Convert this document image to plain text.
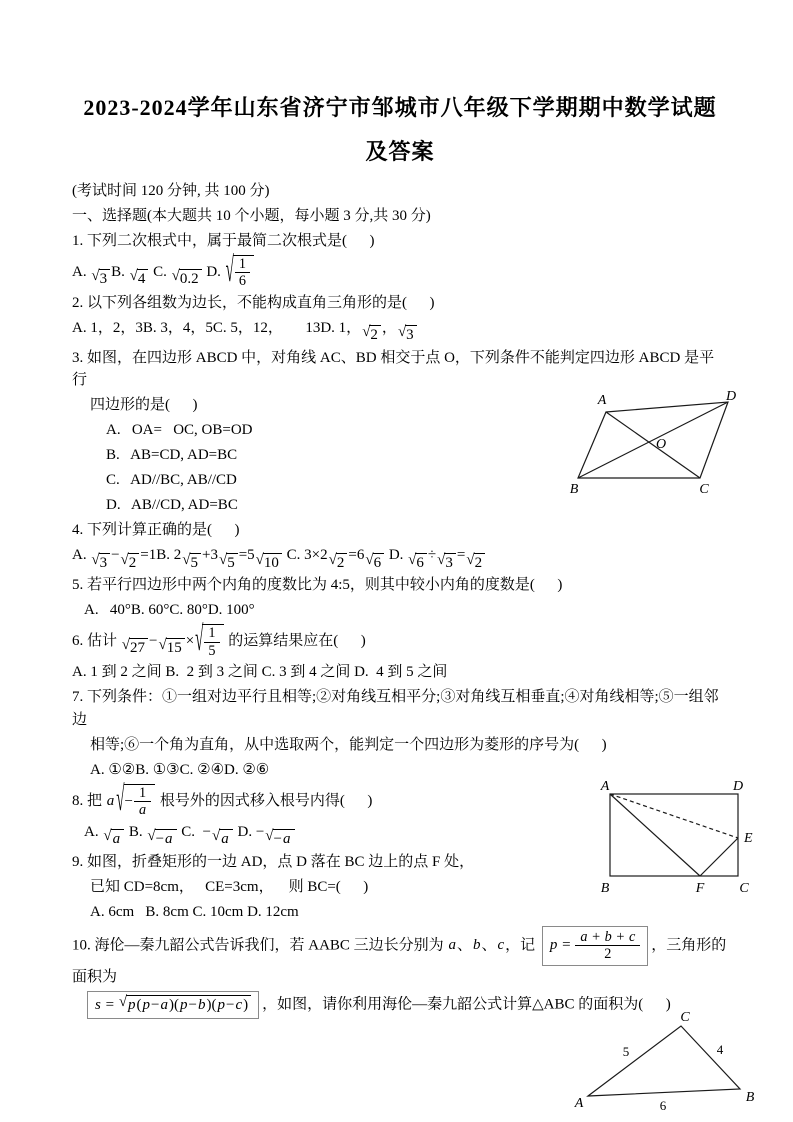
2023-2024学年山东省济宁市邹城市八年级下学期期中数学试题及答案

(考试时间 120 分钟, 共 100 分)

一、选择题(本大题共 10 个小题，每小题 3 分,共 30 分)

1. 下列二次根式中，属于最简二次根式是(      )

A. √ 3 B. √ 4 C. √ 0.2 D. √ $\frac{1}{6}$

2. 以下列各组数为边长，不能构成直角三角形的是(      )

A. 1，2，3B. 3，4，5C. 5，12，      13D. 1， √ 2 ， √ 3

3. 如图，在四边形 ABCD 中，对角线 AC、BD 相交于点 O，下列条件不能判定四边形 ABCD 是平行

四边形的是(      )

A.   OA=   OC, OB=OD

B.   AB=CD, AD=BC

C.   AD//BC, AB//CD

D.   AB//CD, AD=BC

4. 下列计算正确的是(      )

A. √ 3 − √ 2 =1B. 2 √ 5 +3 √ 5 =5 √ 10 C. 3×2 √ 2 =6 √ 6 D. √ 6 ÷ √ 3 = √ 2

5. 若平行四边形中两个内角的度数比为 4:5，则其中较小内角的度数是(      )

A.   40°B. 60°C. 80°D. 100°

6. 估计 √ 27 − √ 15 × √ $\frac{1}{5}$ 的运算结果应在(      )

A. 1 到 2 之间 B.  2 到 3 之间 C. 3 到 4 之间 D.  4 到 5 之间

7. 下列条件：①一组对边平行且相等;②对角线互相平分;③对角线互相垂直;④对角线相等;⑤一组邻边

相等;⑥一个角为直角，从中选取两个，能判定一个四边形为菱形的序号为(      )

A. ①②B. ①③C. ②④D. ②⑥

8. 把 a √ − $\frac{1}{a}$ 根号外的因式移入根号内得(      )

A. √ a B. √ −a C.  − √ a D. − √ −a

9. 如图，折叠矩形的一边 AD，点 D 落在 BC 边上的点 F 处，

已知 CD=8cm，   CE=3cm，    则 BC=(      )

A. 6cm   B. 8cm C. 10cm D. 12cm

10. 海伦—秦九韶公式告诉我们，若 AABC 三边长分别为 a、b、c，记 $p = \frac{a + b + c}{2}$ ，三角形的面积为

s = √ p(p−a)(p−b)(p−c) ，如图，请你利用海伦—秦九韶公式计算△ABC 的面积为(      )

A	D
B	C
O
A	D
B	C
F
E
C
A	B
5	4
6
